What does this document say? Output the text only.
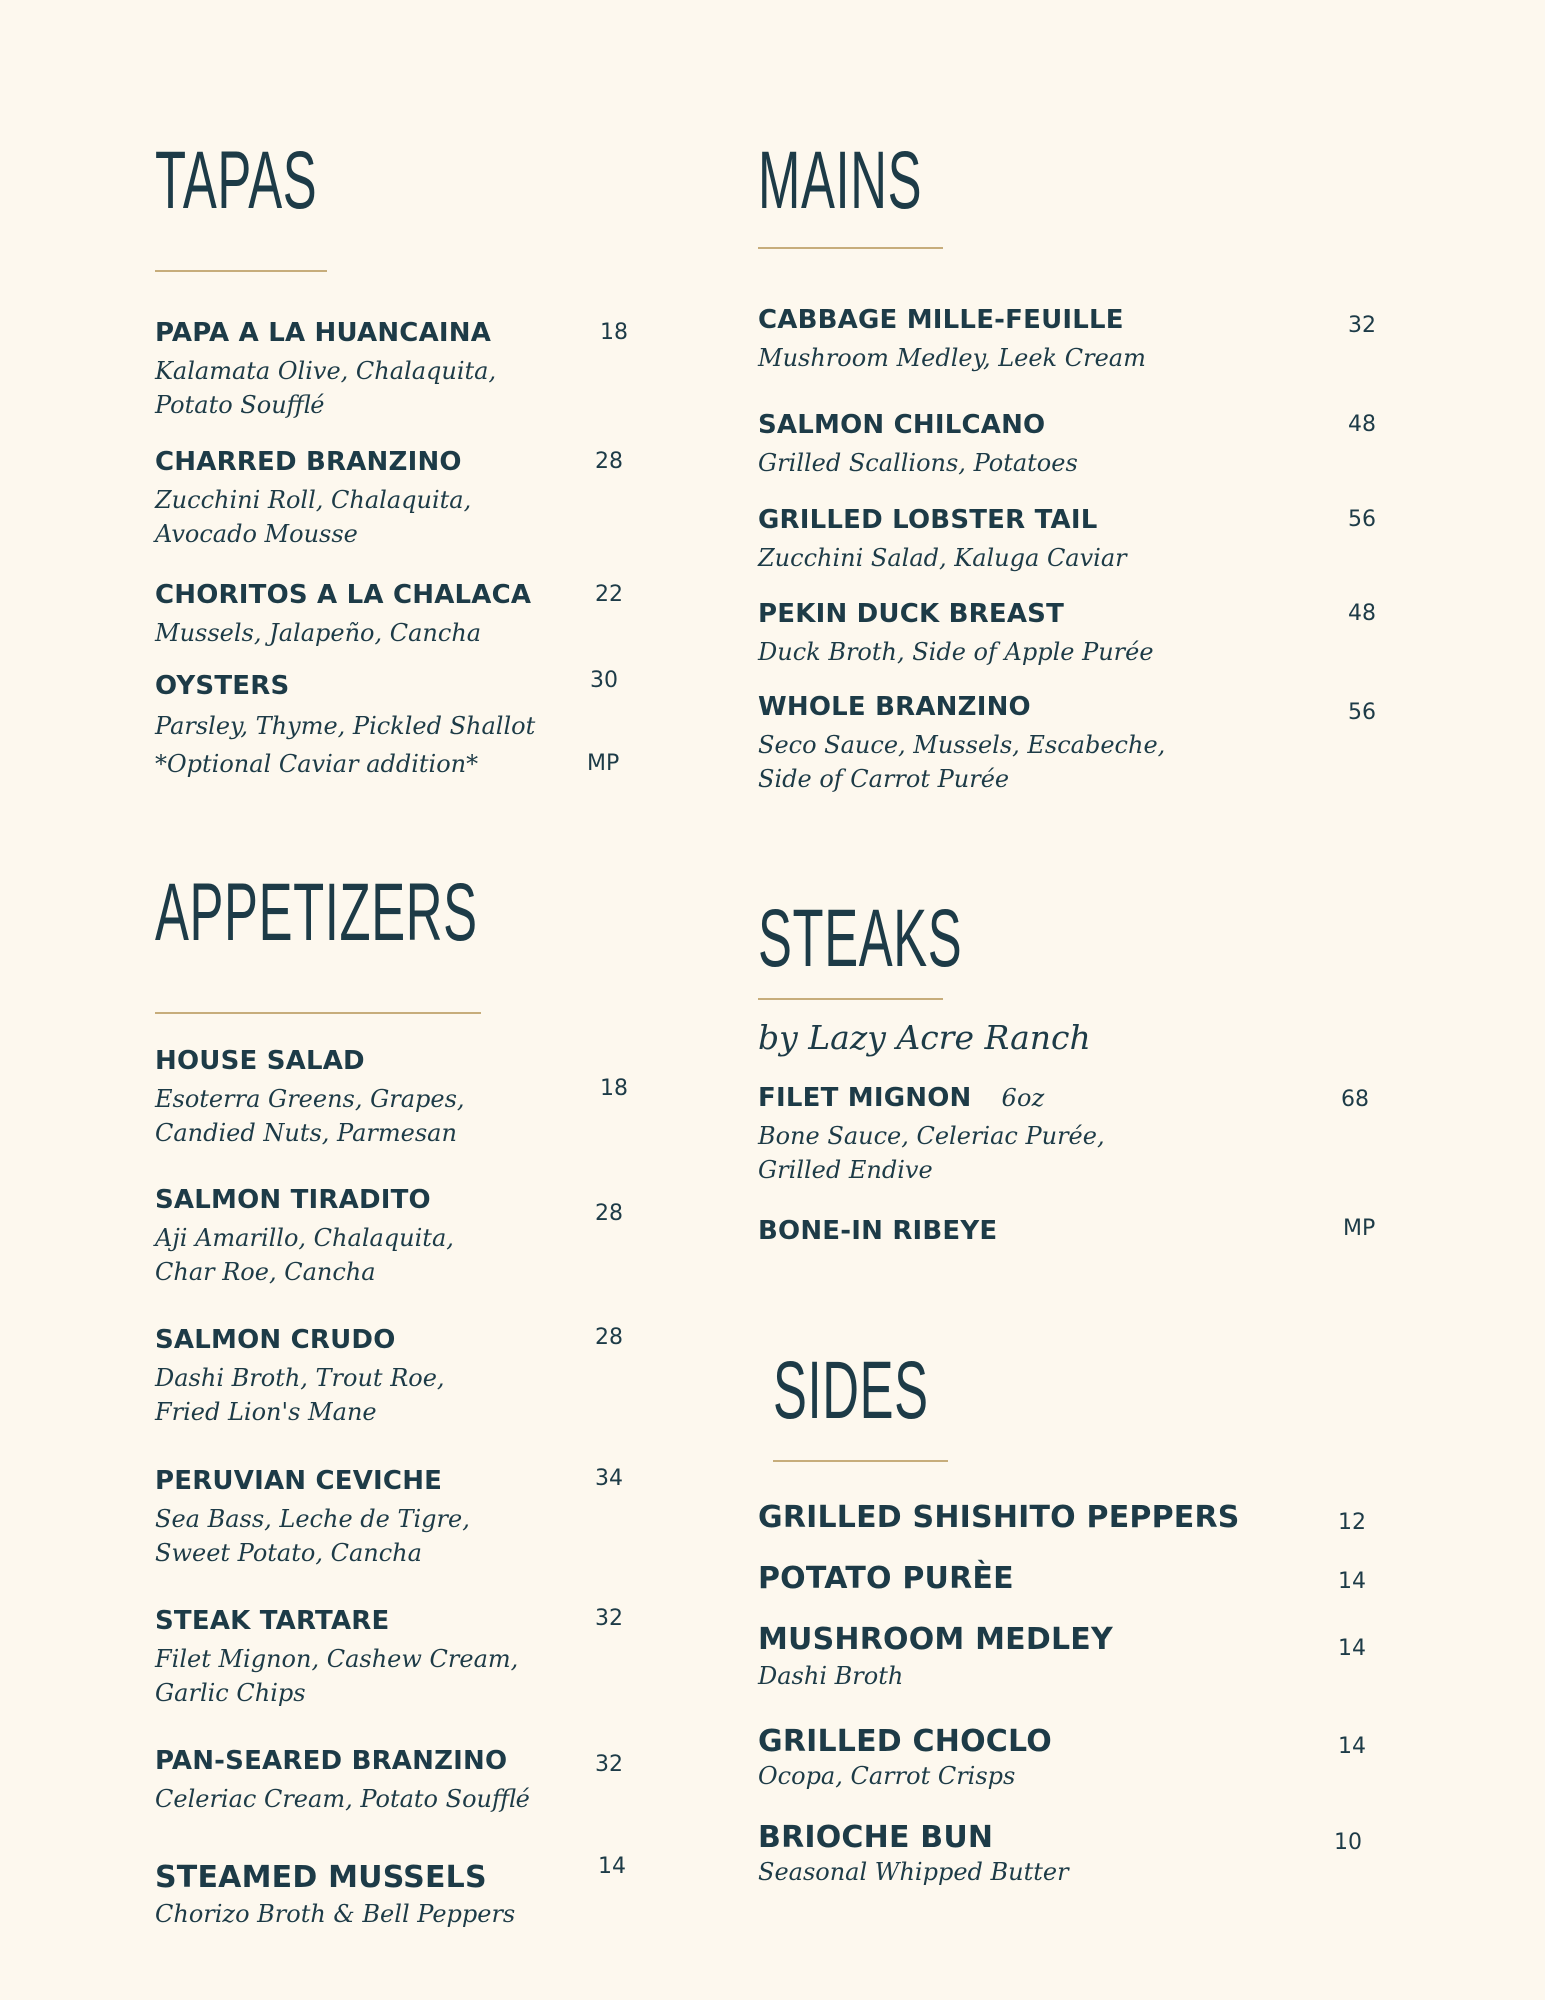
TAPAS
PAPA A LA HUANCAINA
Kalamata Olive, Chalaquita,
Potato Soufflé
18
CHARRED BRANZINO
Zucchini Roll, Chalaquita,
Avocado Mousse
28
CHORITOS A LA CHALACA
Mussels, Jalapeño, Cancha
22
OYSTERS
Parsley, Thyme, Pickled Shallot
*Optional Caviar addition*
30
MP
APPETIZERS
HOUSE SALAD
Esoterra Greens, Grapes,
Candied Nuts, Parmesan
18
SALMON TIRADITO
Aji Amarillo, Chalaquita,
Char Roe, Cancha
28
SALMON CRUDO
Dashi Broth, Trout Roe,
Fried Lion's Mane
28
PERUVIAN CEVICHE
Sea Bass, Leche de Tigre,
Sweet Potato, Cancha
34
STEAK TARTARE
Filet Mignon, Cashew Cream,
Garlic Chips
32
PAN-SEARED BRANZINO
Celeriac Cream, Potato Soufflé
32
STEAMED MUSSELS
Chorizo Broth & Bell Peppers
14
MAINS
CABBAGE MILLE-FEUILLE
Mushroom Medley, Leek Cream
32
SALMON CHILCANO
Grilled Scallions, Potatoes
48
GRILLED LOBSTER TAIL
Zucchini Salad, Kaluga Caviar
56
PEKIN DUCK BREAST
Duck Broth, Side of Apple Purée
48
WHOLE BRANZINO
Seco Sauce, Mussels, Escabeche,
Side of Carrot Purée
56
STEAKS
by Lazy Acre Ranch
FILET MIGNON 6oz
Bone Sauce, Celeriac Purée,
Grilled Endive
68
BONE-IN RIBEYE	MP
SIDES
GRILLED SHISHITO PEPPERS	12
POTATO PURÈE	14
MUSHROOM MEDLEY
Dashi Broth
14
GRILLED CHOCLO
Ocopa, Carrot Crisps
14
BRIOCHE BUN
Seasonal Whipped Butter
10
